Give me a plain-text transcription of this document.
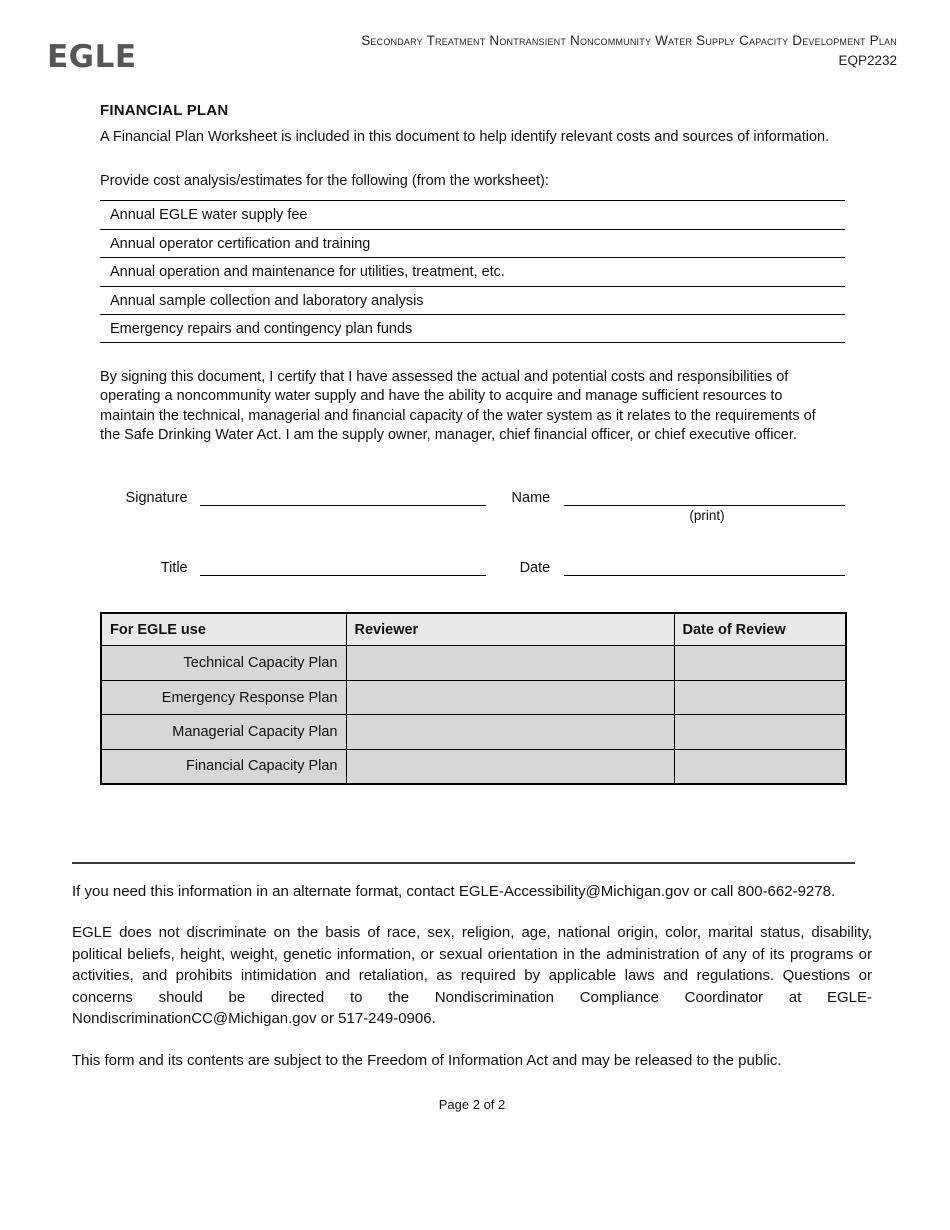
EGLE	Secondary Treatment Nontransient Noncommunity Water Supply Capacity Development Plan
EQP2232
FINANCIAL PLAN
A Financial Plan Worksheet is included in this document to help identify relevant costs and sources of information.
Provide cost analysis/estimates for the following (from the worksheet):
Annual EGLE water supply fee
Annual operator certification and training
Annual operation and maintenance for utilities, treatment, etc.
Annual sample collection and laboratory analysis
Emergency repairs and contingency plan funds
By signing this document, I certify that I have assessed the actual and potential costs and responsibilities of operating a noncommunity water supply and have the ability to acquire and manage sufficient resources to maintain the technical, managerial and financial capacity of the water system as it relates to the requirements of the Safe Drinking Water Act. I am the supply owner, manager, chief financial officer, or chief executive officer.
Signature	Name
(print)
Title	Date
For EGLE use	Reviewer	Date of Review
Technical Capacity Plan		
Emergency Response Plan		
Managerial Capacity Plan		
Financial Capacity Plan		
If you need this information in an alternate format, contact EGLE-Accessibility@Michigan.gov or call 800-662-9278.
EGLE does not discriminate on the basis of race, sex, religion, age, national origin, color, marital status, disability, political beliefs, height, weight, genetic information, or sexual orientation in the administration of any of its programs or activities, and prohibits intimidation and retaliation, as required by applicable laws and regulations. Questions or concerns should be directed to the Nondiscrimination Compliance Coordinator at EGLE-NondiscriminationCC@Michigan.gov or 517-249-0906.
This form and its contents are subject to the Freedom of Information Act and may be released to the public.
Page 2 of 2
